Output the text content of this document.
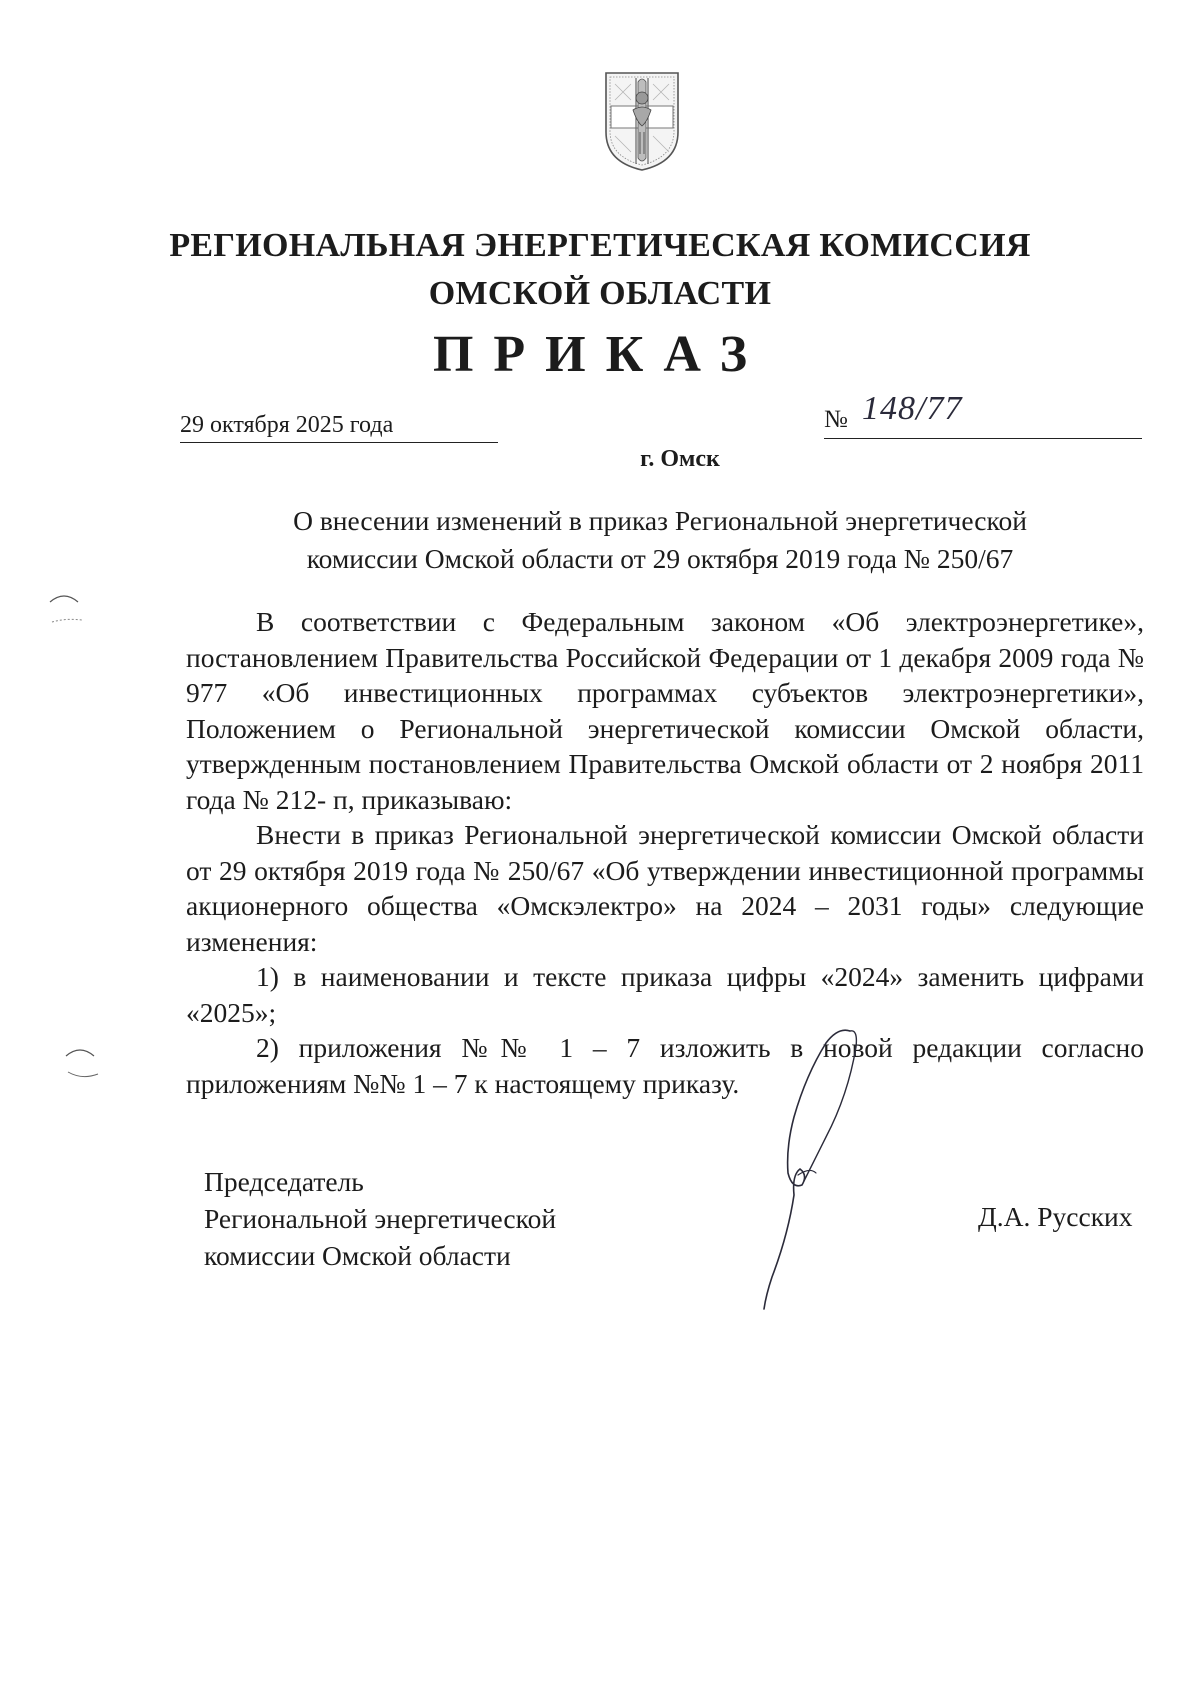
РЕГИОНАЛЬНАЯ ЭНЕРГЕТИЧЕСКАЯ КОМИССИЯ
ОМСКОЙ ОБЛАСТИ
ПРИКАЗ
29 октября 2025 года	№ 148/77
г. Омск
О внесении изменений в приказ Региональной энергетической
комиссии Омской области от 29 октября 2019 года № 250/67

В соответствии с Федеральным законом «Об электроэнергетике», постановлением Правительства Российской Федерации от 1 декабря 2009 года № 977 «Об инвестиционных программах субъектов электроэнергетики», Положением о Региональной энергетической комиссии Омской области, утвержденным постановлением Правительства Омской области от 2 ноября 2011 года № 212- п, приказываю:

Внести в приказ Региональной энергетической комиссии Омской области от 29 октября 2019 года № 250/67 «Об утверждении инвестиционной программы акционерного общества «Омскэлектро» на 2024 – 2031 годы» следующие изменения:

1) в наименовании и тексте приказа цифры «2024» заменить цифрами «2025»;

2) приложения №№ 1 – 7 изложить в новой редакции согласно приложениям №№ 1 – 7 к настоящему приказу.

Председатель
Региональной энергетической
комиссии Омской области
Д.А. Русских
